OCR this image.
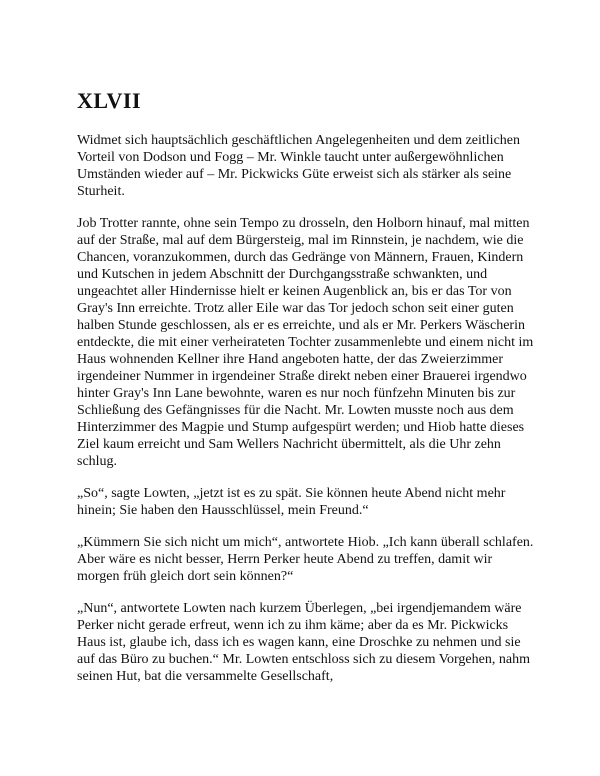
XLVII

Widmet sich hauptsächlich geschäftlichen Angelegenheiten und dem zeitlichen Vorteil von Dodson und Fogg – Mr. Winkle taucht unter außergewöhnlichen Umständen wieder auf – Mr. Pickwicks Güte erweist sich als stärker als seine Sturheit.

Job Trotter rannte, ohne sein Tempo zu drosseln, den Holborn hinauf, mal mitten auf der Straße, mal auf dem Bürgersteig, mal im Rinnstein, je nachdem, wie die Chancen, voranzukommen, durch das Gedränge von Männern, Frauen, Kindern und Kutschen in jedem Abschnitt der Durchgangsstraße schwankten, und ungeachtet aller Hindernisse hielt er keinen Augenblick an, bis er das Tor von Gray's Inn erreichte. Trotz aller Eile war das Tor jedoch schon seit einer guten halben Stunde geschlossen, als er es erreichte, und als er Mr. Perkers Wäscherin entdeckte, die mit einer verheirateten Tochter zusammenlebte und einem nicht im Haus wohnenden Kellner ihre Hand angeboten hatte, der das Zweierzimmer irgendeiner Nummer in irgendeiner Straße direkt neben einer Brauerei irgendwo hinter Gray's Inn Lane bewohnte, waren es nur noch fünfzehn Minuten bis zur Schließung des Gefängnisses für die Nacht. Mr. Lowten musste noch aus dem Hinterzimmer des Magpie und Stump aufgespürt werden; und Hiob hatte dieses Ziel kaum erreicht und Sam Wellers Nachricht übermittelt, als die Uhr zehn schlug.

„So“, sagte Lowten, „jetzt ist es zu spät. Sie können heute Abend nicht mehr hinein; Sie haben den Hausschlüssel, mein Freund.“

„Kümmern Sie sich nicht um mich“, antwortete Hiob. „Ich kann überall schlafen. Aber wäre es nicht besser, Herrn Perker heute Abend zu treffen, damit wir morgen früh gleich dort sein können?“

„Nun“, antwortete Lowten nach kurzem Überlegen, „bei irgendjemandem wäre Perker nicht gerade erfreut, wenn ich zu ihm käme; aber da es Mr. Pickwicks Haus ist, glaube ich, dass ich es wagen kann, eine Droschke zu nehmen und sie auf das Büro zu buchen.“ Mr. Lowten entschloss sich zu diesem Vorgehen, nahm seinen Hut, bat die versammelte Gesellschaft,
